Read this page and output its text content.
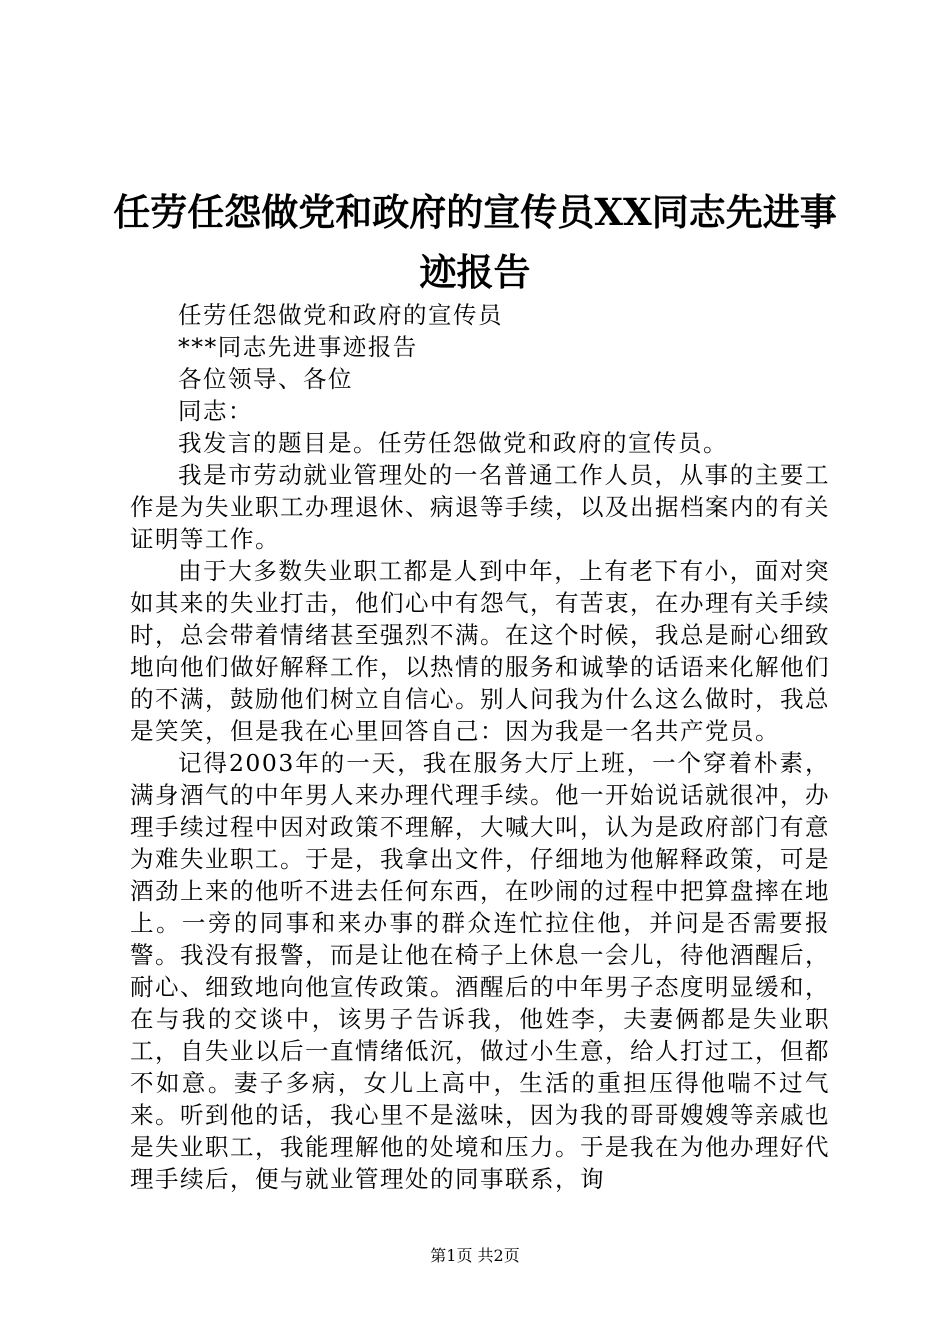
任劳任怨做党和政府的宣传员XX同志先进事迹报告

任劳任怨做党和政府的宣传员

***同志先进事迹报告

各位领导、各位

同志：

我发言的题目是。任劳任怨做党和政府的宣传员。

我是市劳动就业管理处的一名普通工作人员，从事的主要工作是为失业职工办理退休、病退等手续，以及出据档案内的有关证明等工作。

由于大多数失业职工都是人到中年，上有老下有小，面对突如其来的失业打击，他们心中有怨气，有苦衷，在办理有关手续时，总会带着情绪甚至强烈不满。在这个时候，我总是耐心细致地向他们做好解释工作，以热情的服务和诚挚的话语来化解他们的不满，鼓励他们树立自信心。别人问我为什么这么做时，我总是笑笑，但是我在心里回答自己：因为我是一名共产党员。

记得2003年的一天，我在服务大厅上班，一个穿着朴素，满身酒气的中年男人来办理代理手续。他一开始说话就很冲，办理手续过程中因对政策不理解，大喊大叫，认为是政府部门有意为难失业职工。于是，我拿出文件，仔细地为他解释政策，可是酒劲上来的他听不进去任何东西，在吵闹的过程中把算盘摔在地上。一旁的同事和来办事的群众连忙拉住他，并问是否需要报警。我没有报警，而是让他在椅子上休息一会儿，待他酒醒后，耐心、细致地向他宣传政策。酒醒后的中年男子态度明显缓和，在与我的交谈中，该男子告诉我，他姓李，夫妻俩都是失业职工，自失业以后一直情绪低沉，做过小生意，给人打过工，但都不如意。妻子多病，女儿上高中，生活的重担压得他喘不过气来。听到他的话，我心里不是滋味，因为我的哥哥嫂嫂等亲戚也是失业职工，我能理解他的处境和压力。于是我在为他办理好代理手续后，便与就业管理处的同事联系，询

第1页 共2页
